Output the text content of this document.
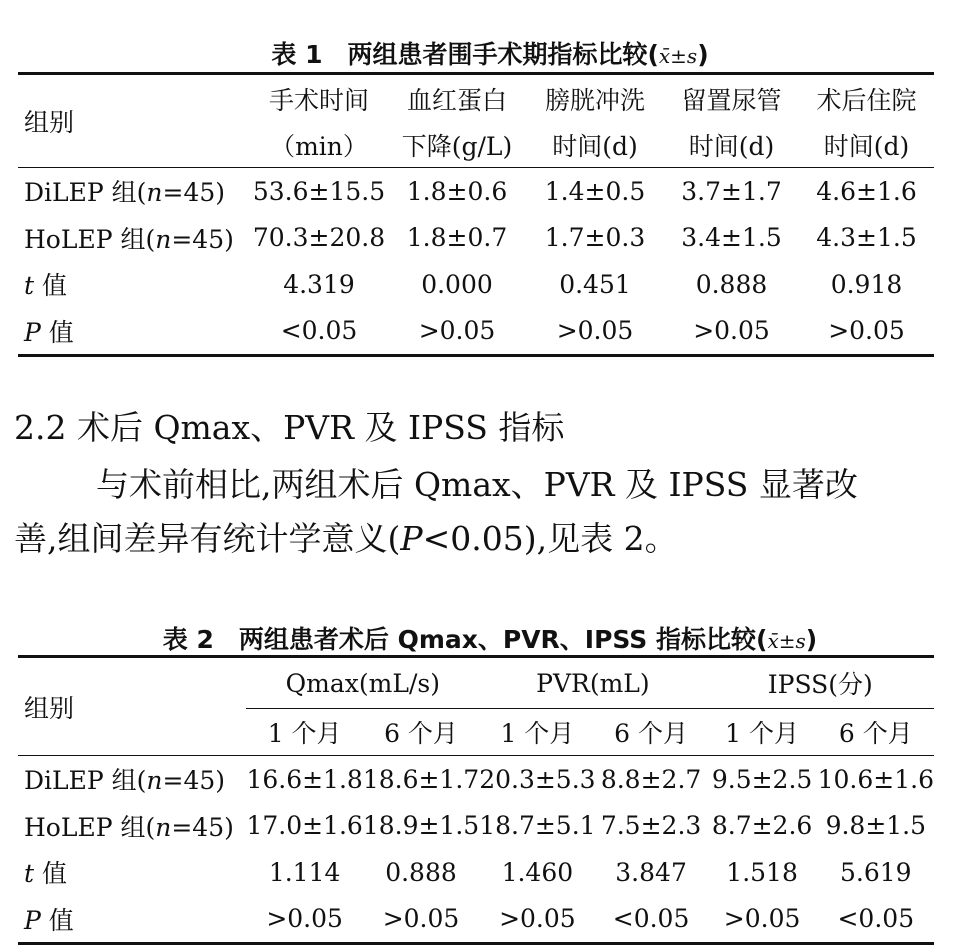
表 1　两组患者围手术期指标比较(x̄±s)
组别	手术时间	血红蛋白	膀胱冲洗	留置尿管	术后住院
	（min）	下降(g/L)	时间(d)	时间(d)	时间(d)
DiLEP 组(n=45)	53.6±15.5	1.8±0.6	1.4±0.5	3.7±1.7	4.6±1.6
HoLEP 组(n=45)	70.3±20.8	1.8±0.7	1.7±0.3	3.4±1.5	4.3±1.5
t 值	4.319	0.000	0.451	0.888	0.918
P 值	<0.05	>0.05	>0.05	>0.05	>0.05
2.2 术后 Qmax、PVR 及 IPSS 指标
与术前相比,两组术后 Qmax、PVR 及 IPSS 显著改
善,组间差异有统计学意义(P<0.05),见表 2。
表 2　两组患者术后 Qmax、PVR、IPSS 指标比较(x̄±s)
组别	Qmax(mL/s)		PVR(mL)		IPSS(分)	
	1 个月	6 个月	1 个月	6 个月	1 个月	6 个月
DiLEP 组(n=45)	16.6±1.8	18.6±1.7	20.3±5.3	8.8±2.7	9.5±2.5	10.6±1.6
HoLEP 组(n=45)	17.0±1.6	18.9±1.5	18.7±5.1	7.5±2.3	8.7±2.6	9.8±1.5
t 值	1.114	0.888	1.460	3.847	1.518	5.619
P 值	>0.05	>0.05	>0.05	<0.05	>0.05	<0.05
